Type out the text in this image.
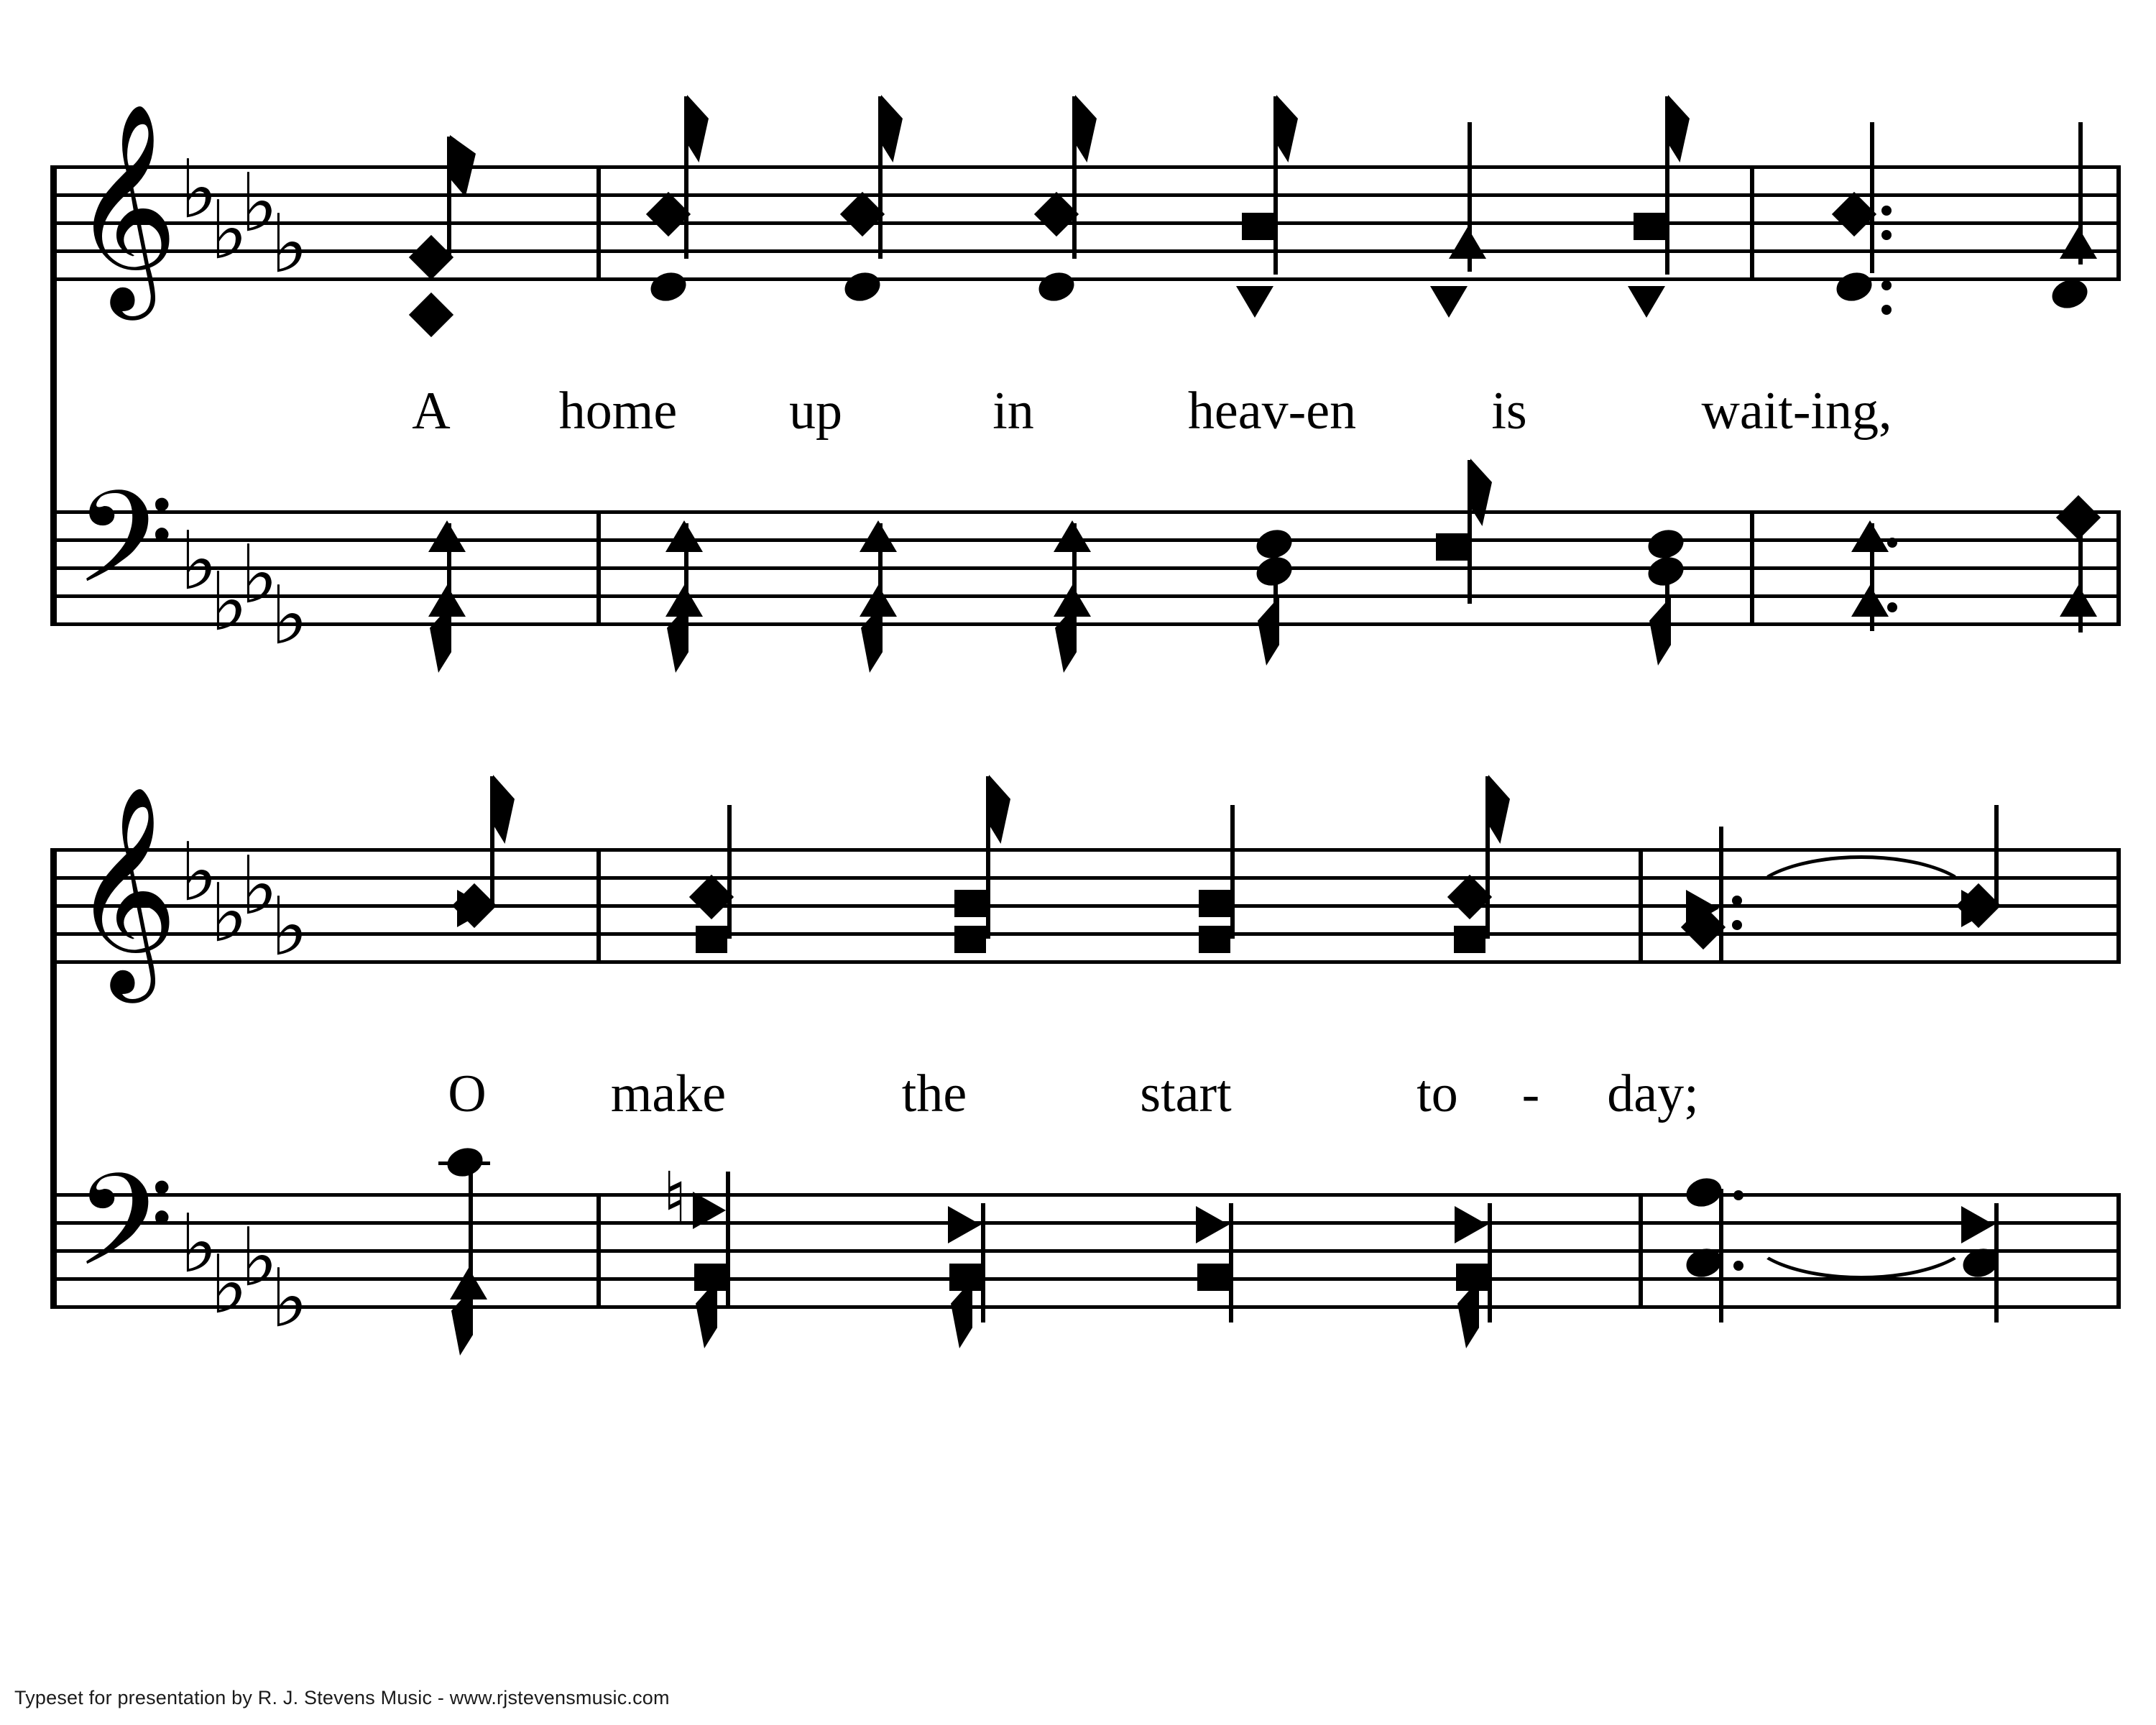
𝄞 ♭
♭
♭
♭
A home up	in	heav-en	is	wait-ing,
𝄢 ♭
♭
♭
♭
𝄞 ♭
♭
♭
♭
O make	the	start	to - day;
𝄢 ♭
♭
♭
♭
♮
Typeset for presentation by R. J. Stevens Music - www.rjstevensmusic.com
